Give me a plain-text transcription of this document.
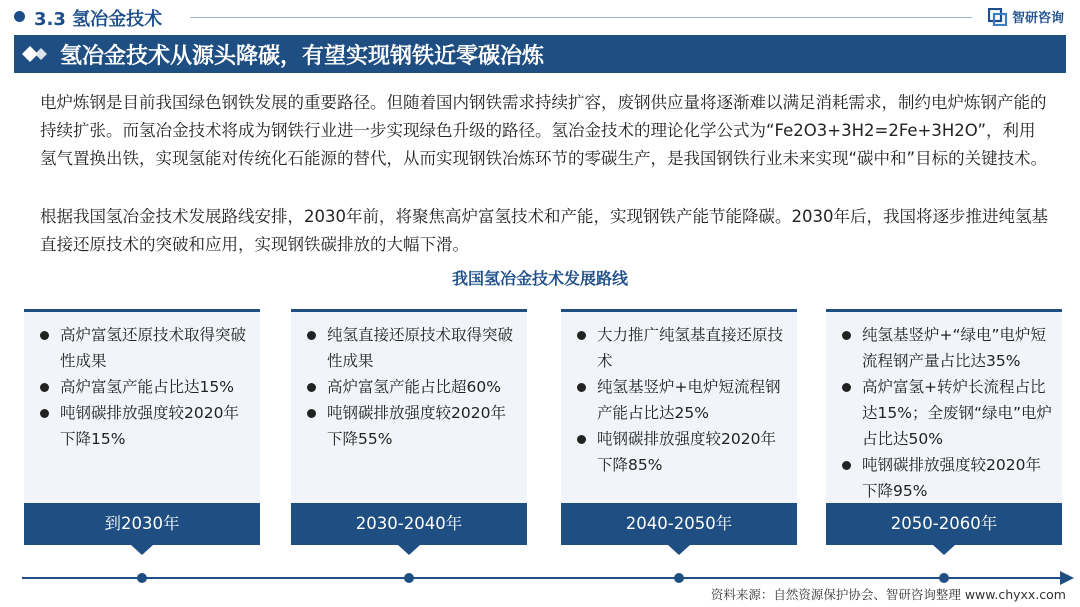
3.3 氢冶金技术	智研咨询
氢冶金技术从源头降碳，有望实现钢铁近零碳冶炼
电炉炼钢是目前我国绿色钢铁发展的重要路径。但随着国内钢铁需求持续扩容，废钢供应量将逐渐难以满足消耗需求，制约电炉炼钢产能的持续扩张。而氢冶金技术将成为钢铁行业进一步实现绿色升级的路径。氢冶金技术的理论化学公式为“Fe2O3+3H2=2Fe+3H2O”，利用氢气置换出铁，实现氢能对传统化石能源的替代，从而实现钢铁冶炼环节的零碳生产，是我国钢铁行业未来实现“碳中和”目标的关键技术。
根据我国氢冶金技术发展路线安排，2030年前，将聚焦高炉富氢技术和产能，实现钢铁产能节能降碳。2030年后，我国将逐步推进纯氢基直接还原技术的突破和应用，实现钢铁碳排放的大幅下滑。
我国氢冶金技术发展路线
高炉富氢还原技术取得突破性成果
高炉富氢产能占比达15%
吨钢碳排放强度较2020年下降15%
到2030年
纯氢直接还原技术取得突破性成果
高炉富氢产能占比超60%
吨钢碳排放强度较2020年下降55%
2030-2040年
大力推广纯氢基直接还原技术
纯氢基竖炉+电炉短流程钢产能占比达25%
吨钢碳排放强度较2020年下降85%
2040-2050年
纯氢基竖炉+“绿电”电炉短流程钢产量占比达35%
高炉富氢+转炉长流程占比达15%；全废钢“绿电”电炉占比达50%
吨钢碳排放强度较2020年下降95%
2050-2060年
资料来源：自然资源保护协会、智研咨询整理 www.chyxx.com
